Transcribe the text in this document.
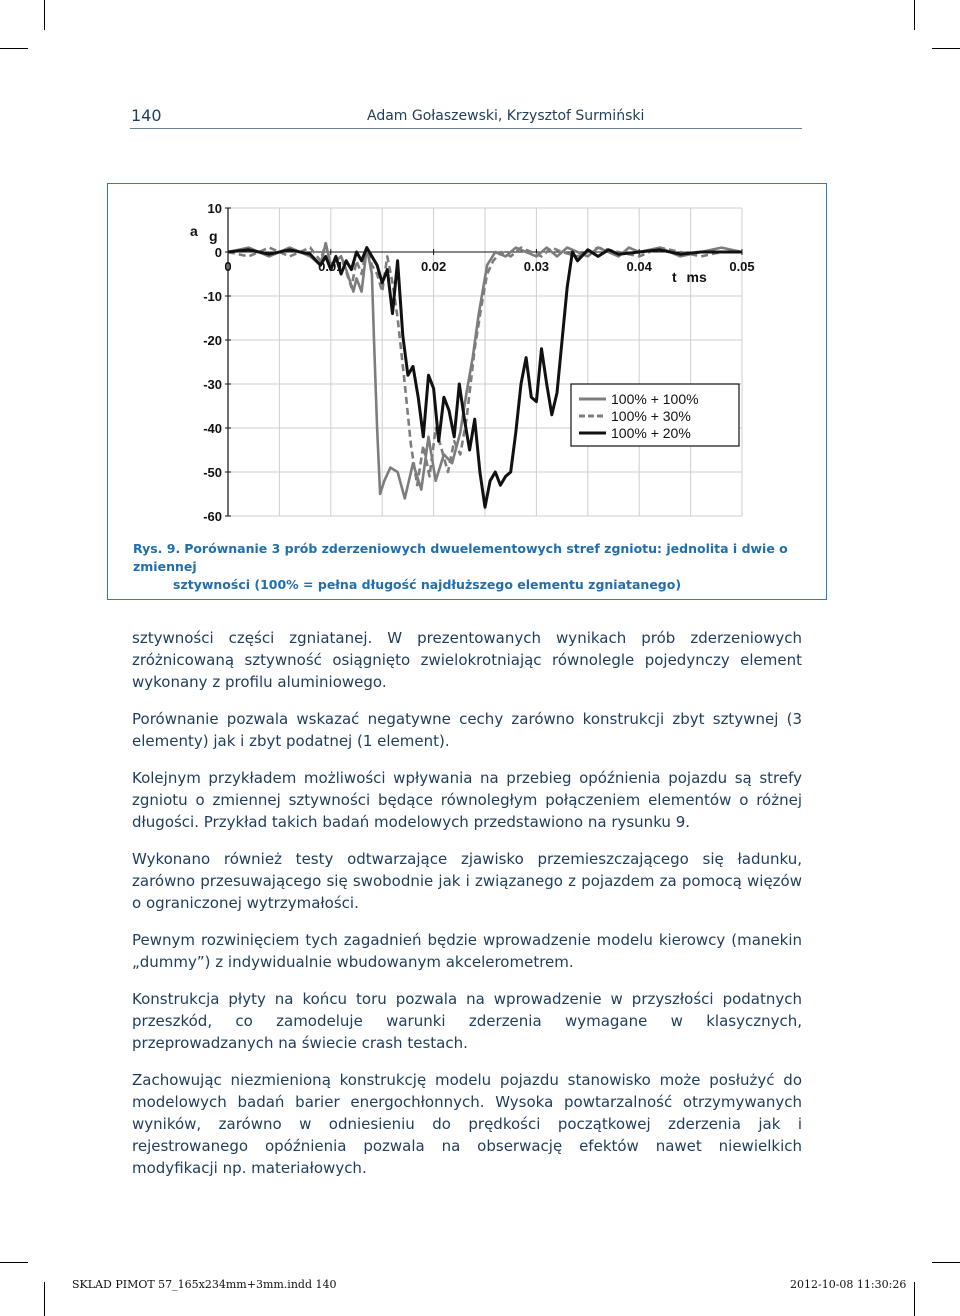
140	Adam Gołaszewski, Krzysztof Surmiński
10
0
-10
-20
-30
-40
-50
-60
0	0.01	0.02	0.03	0.04	0.05
a g
t ms
100% + 100%
100% + 30%
100% + 20%
Rys. 9. Porównanie 3 prób zderzeniowych dwuelementowych stref zgniotu: jednolita i dwie o zmiennej
sztywności (100% = pełna długość najdłuższego elementu zgniatanego)

sztywności części zgniatanej. W prezentowanych wynikach prób zderzeniowych zróżnicowaną sztywność osiągnięto zwielokrotniając równolegle pojedynczy element wykonany z profilu aluminiowego.

Porównanie pozwala wskazać negatywne cechy zarówno konstrukcji zbyt sztywnej (3 elementy) jak i zbyt podatnej (1 element).

Kolejnym przykładem możliwości wpływania na przebieg opóźnienia pojazdu są strefy zgniotu o zmiennej sztywności będące równoległym połączeniem elementów o różnej długości. Przykład takich badań modelowych przedstawiono na rysunku 9.

Wykonano również testy odtwarzające zjawisko przemieszczającego się ładunku, zarówno przesuwającego się swobodnie jak i związanego z pojazdem za pomocą więzów o ograniczonej wytrzymałości.

Pewnym rozwinięciem tych zagadnień będzie wprowadzenie modelu kierowcy (manekin „dummy”) z indywidualnie wbudowanym akcelerometrem.

Konstrukcja płyty na końcu toru pozwala na wprowadzenie w przyszłości podatnych przeszkód, co zamodeluje warunki zderzenia wymagane w klasycznych, przeprowadzanych na świecie crash testach.

Zachowując niezmienioną konstrukcję modelu pojazdu stanowisko może posłużyć do modelowych badań barier energochłonnych. Wysoka powtarzalność otrzymywanych wyników, zarówno w odniesieniu do prędkości początkowej zderzenia jak i rejestrowanego opóźnienia pozwala na obserwację efektów nawet niewielkich modyfikacji np. materiałowych.

SKLAD PIMOT 57_165x234mm+3mm.indd 140	2012-10-08 11:30:26
